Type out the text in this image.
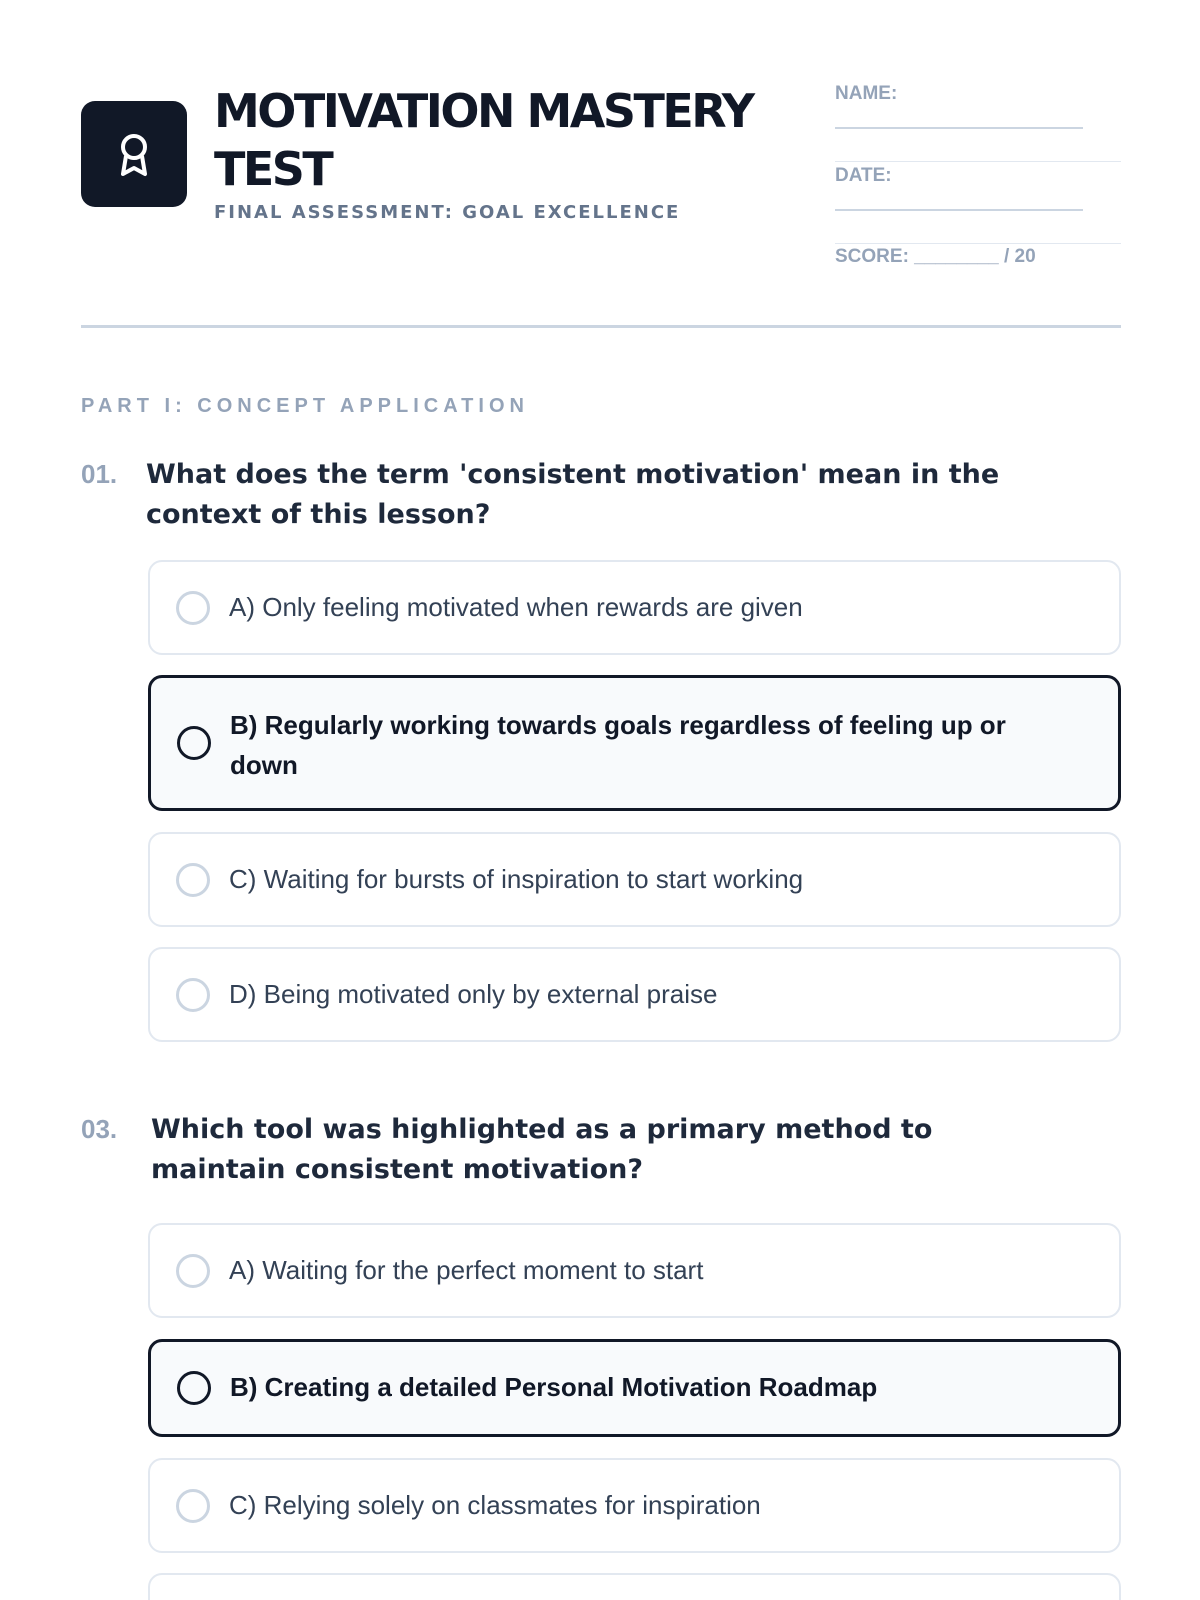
MOTIVATION MASTERY TEST
FINAL ASSESSMENT: GOAL EXCELLENCE
NAME:
DATE:
SCORE: ________ / 20
PART I: CONCEPT APPLICATION
01. What does the term 'consistent motivation' mean in the context of this lesson?
A) Only feeling motivated when rewards are given
B) Regularly working towards goals regardless of feeling up or down
C) Waiting for bursts of inspiration to start working
D) Being motivated only by external praise
03. Which tool was highlighted as a primary method to maintain consistent motivation?
A) Waiting for the perfect moment to start
B) Creating a detailed Personal Motivation Roadmap
C) Relying solely on classmates for inspiration
